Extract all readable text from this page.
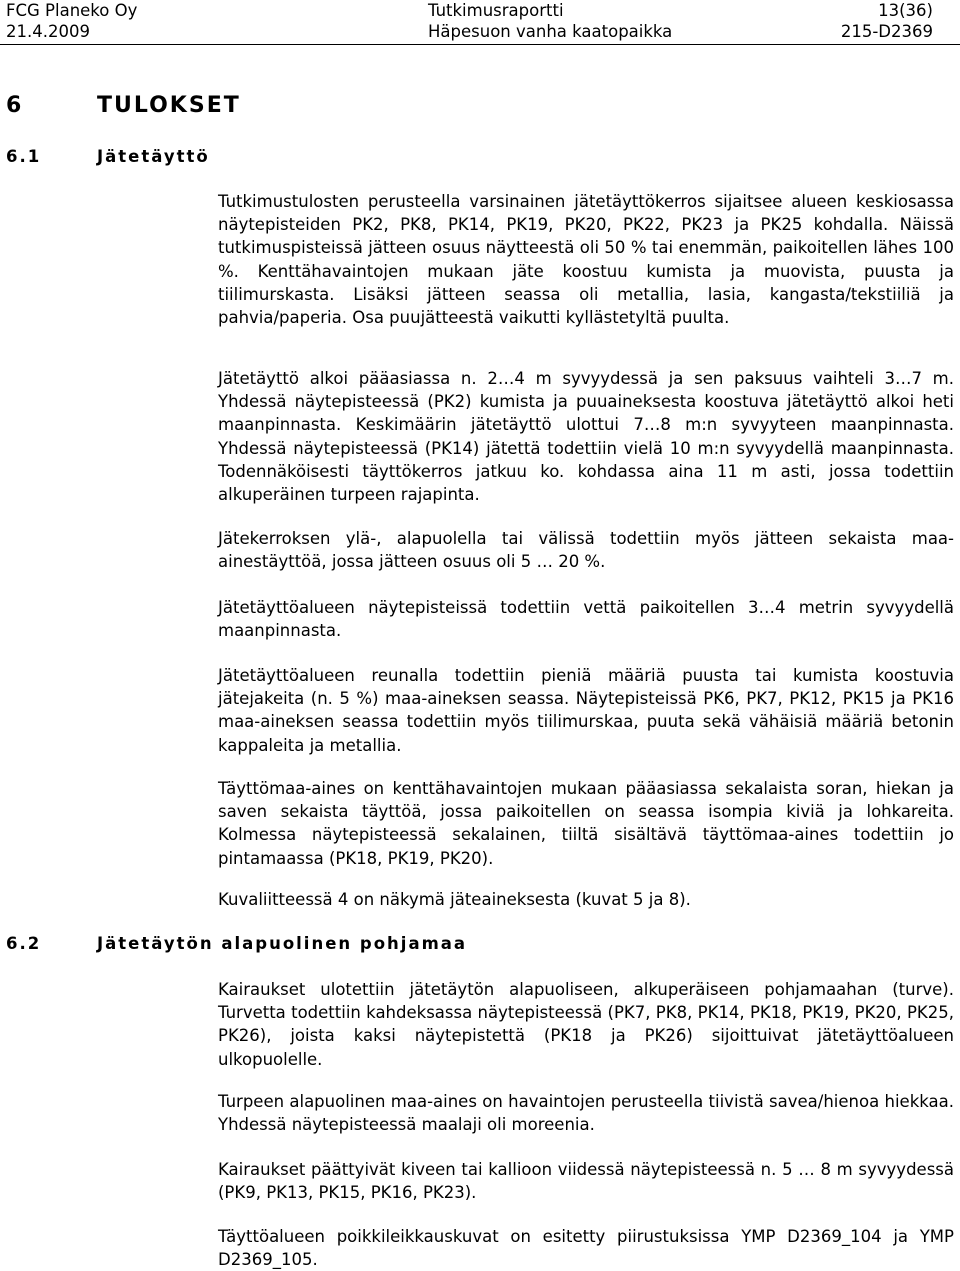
FCG Planeko Oy
21.4.2009
Tutkimusraportti
Häpesuon vanha kaatopaikka
13(36)
215-D2369
6	TULOKSET
6.1	Jätetäyttö

Tutkimustulosten perusteella varsinainen jätetäyttökerros sijaitsee alueen keskiosassa näytepisteiden PK2, PK8, PK14, PK19, PK20, PK22, PK23 ja PK25 kohdalla. Näissä tutkimuspisteissä jätteen osuus näytteestä oli 50 % tai enemmän, paikoitellen lähes 100 %. Kenttähavaintojen mukaan jäte koostuu kumista ja muovista, puusta ja tiilimurskasta. Lisäksi jätteen seassa oli metallia, lasia, kangasta/tekstiiliä ja pahvia/paperia. Osa puujätteestä vaikutti kyllästetyltä puulta.

Jätetäyttö alkoi pääasiassa n. 2…4 m syvyydessä ja sen paksuus vaihteli 3…7 m. Yhdessä näytepisteessä (PK2) kumista ja puuaineksesta koostuva jätetäyttö alkoi heti maanpinnasta. Keskimäärin jätetäyttö ulottui 7…8 m:n syvyyteen maanpinnasta. Yhdessä näytepisteessä (PK14) jätettä todettiin vielä 10 m:n syvyydellä maanpinnasta. Todennäköisesti täyttökerros jatkuu ko. kohdassa aina 11 m asti, jossa todettiin alkuperäinen turpeen rajapinta.

Jätekerroksen ylä-, alapuolella tai välissä todettiin myös jätteen sekaista maa-ainestäyttöä, jossa jätteen osuus oli 5 … 20 %.

Jätetäyttöalueen näytepisteissä todettiin vettä paikoitellen 3…4 metrin syvyydellä maanpinnasta.

Jätetäyttöalueen reunalla todettiin pieniä määriä puusta tai kumista koostuvia jätejakeita (n. 5 %) maa-aineksen seassa. Näytepisteissä PK6, PK7, PK12, PK15 ja PK16 maa-aineksen seassa todettiin myös tiilimurskaa, puuta sekä vähäisiä määriä betonin kappaleita ja metallia.

Täyttömaa-aines on kenttähavaintojen mukaan pääasiassa sekalaista soran, hiekan ja saven sekaista täyttöä, jossa paikoitellen on seassa isompia kiviä ja lohkareita. Kolmessa näytepisteessä sekalainen, tiiltä sisältävä täyttömaa-aines todettiin jo pintamaassa (PK18, PK19, PK20).

Kuvaliitteessä 4 on näkymä jäteaineksesta (kuvat 5 ja 8).

6.2	Jätetäytön alapuolinen pohjamaa

Kairaukset ulotettiin jätetäytön alapuoliseen, alkuperäiseen pohjamaahan (turve). Turvetta todettiin kahdeksassa näytepisteessä (PK7, PK8, PK14, PK18, PK19, PK20, PK25, PK26), joista kaksi näytepistettä (PK18 ja PK26) sijoittuivat jätetäyttöalueen ulkopuolelle.

Turpeen alapuolinen maa-aines on havaintojen perusteella tiivistä savea/hienoa hiekkaa. Yhdessä näytepisteessä maalaji oli moreenia.

Kairaukset päättyivät kiveen tai kallioon viidessä näytepisteessä n. 5 … 8 m syvyydessä (PK9, PK13, PK15, PK16, PK23).

Täyttöalueen poikkileikkauskuvat on esitetty piirustuksissa YMP D2369_104 ja YMP D2369_105.
